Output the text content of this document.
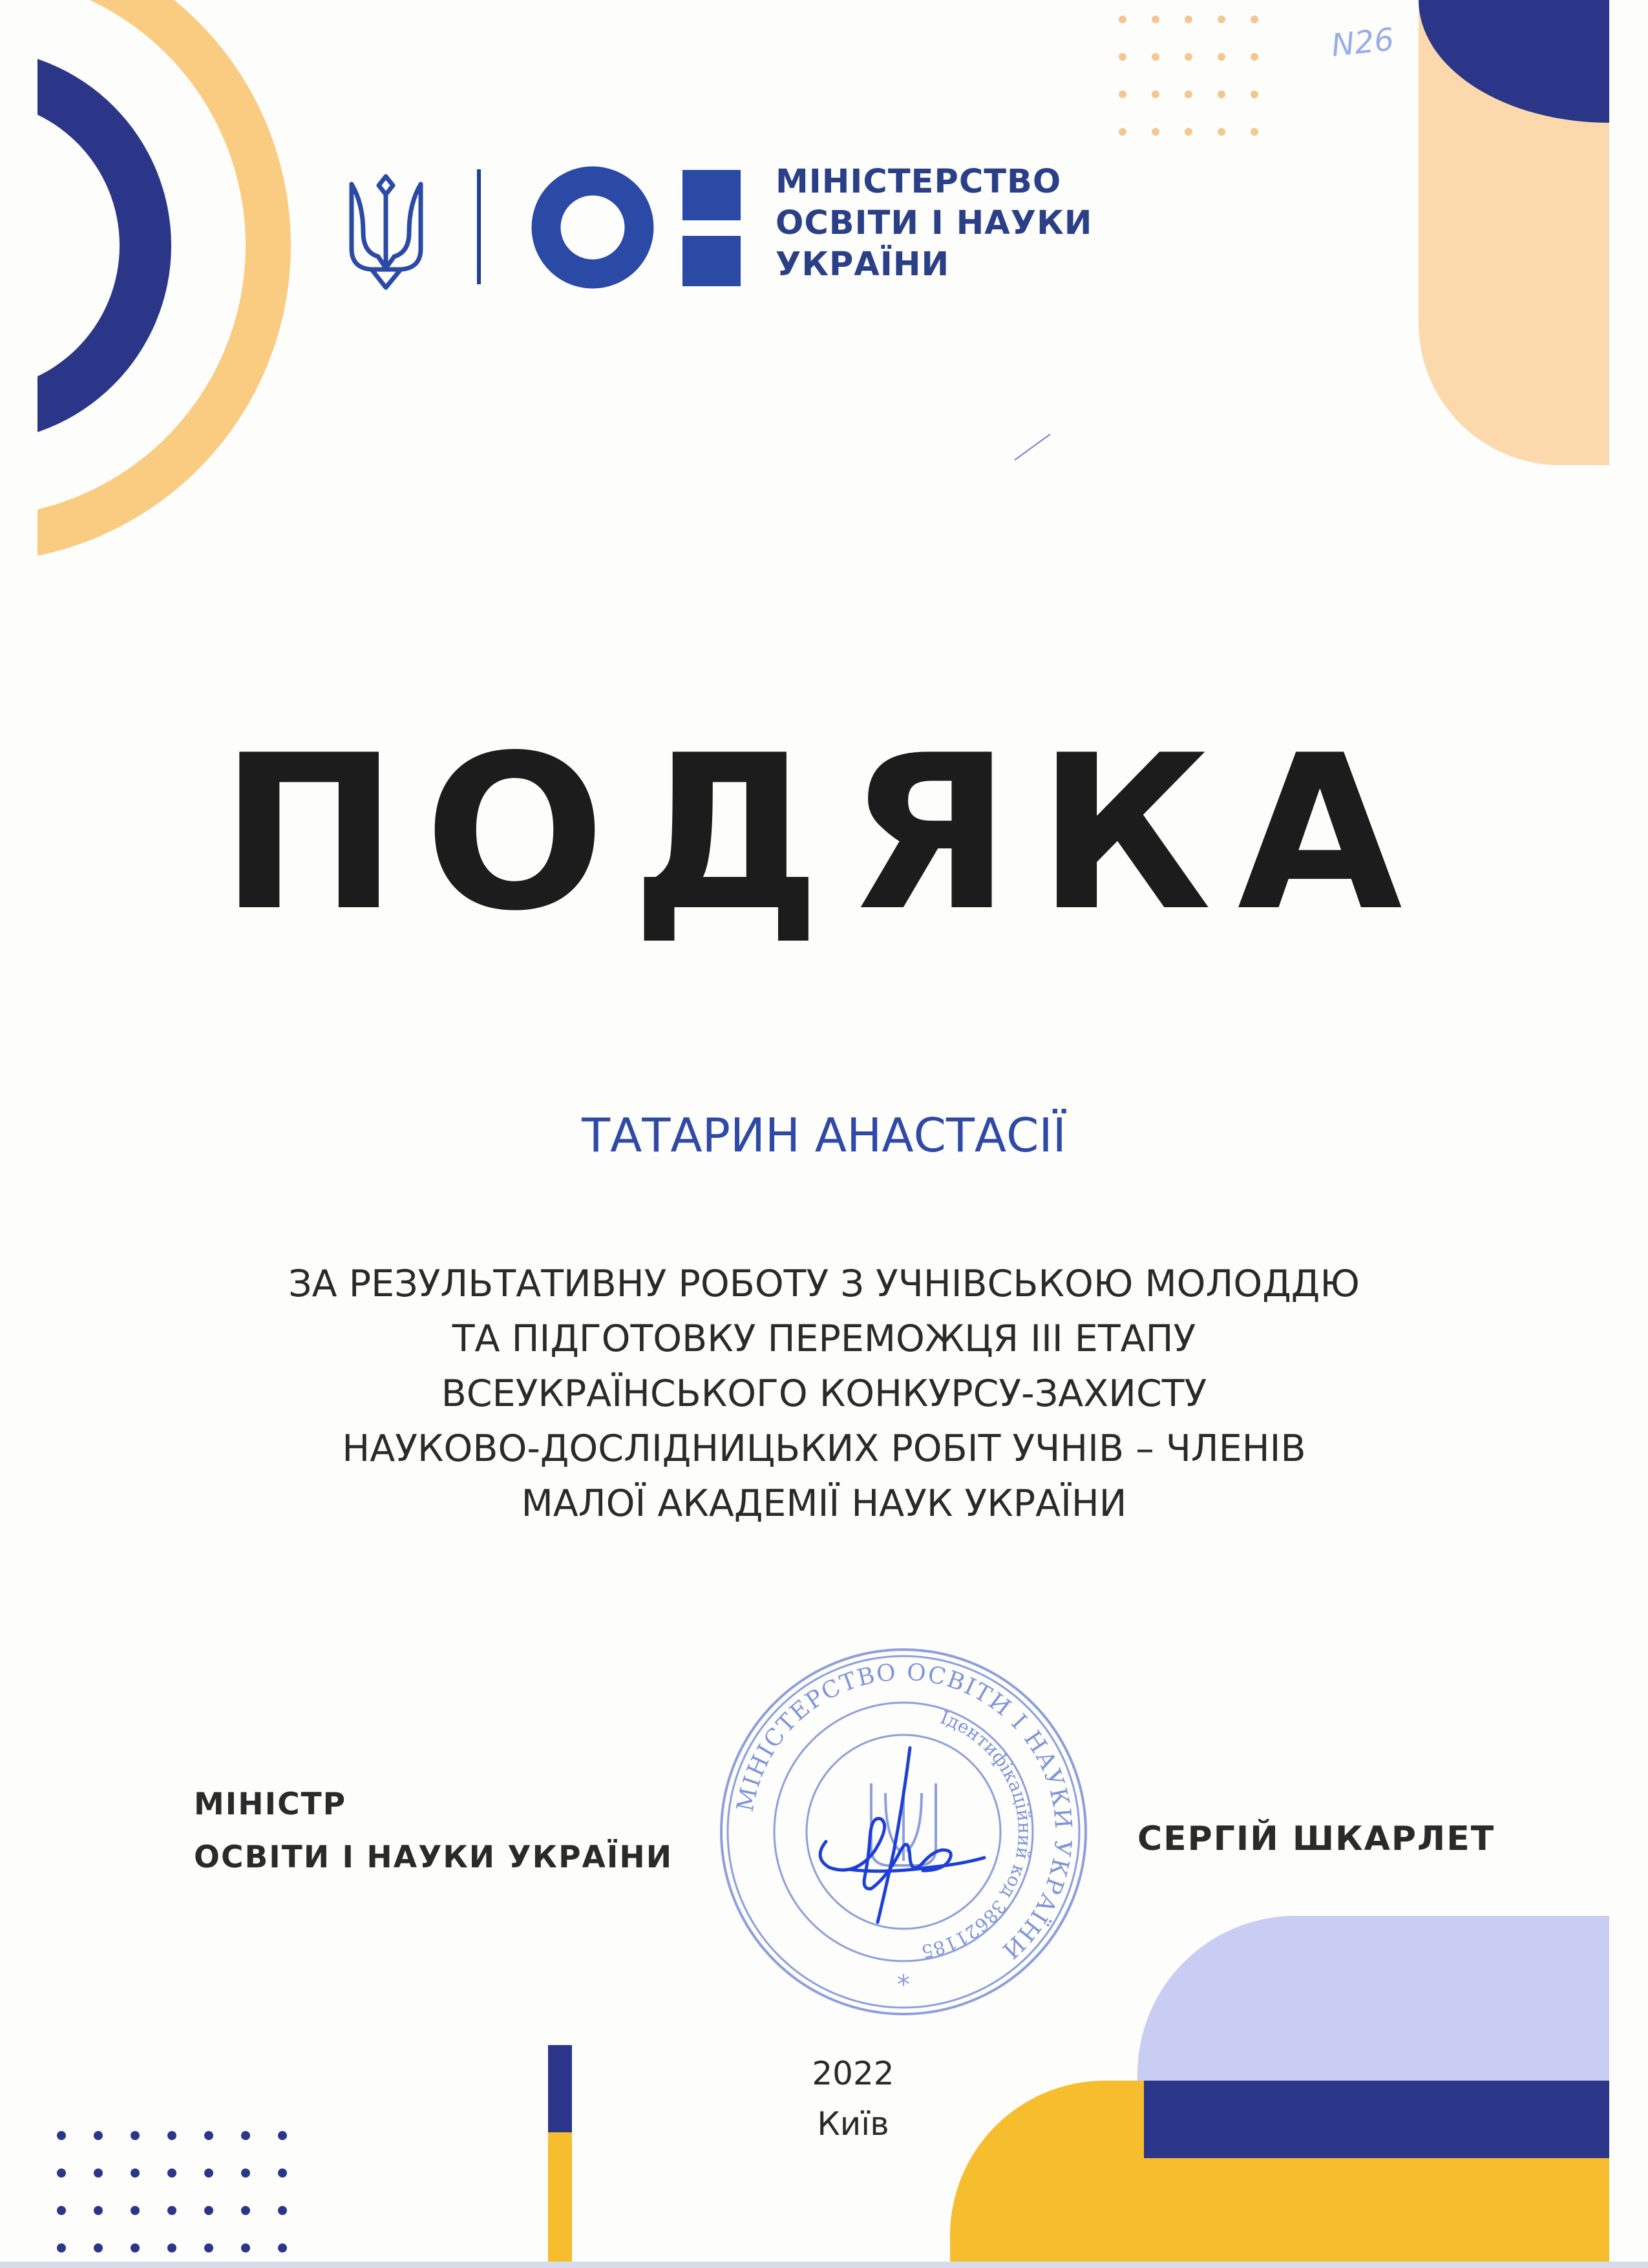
N26
МІНІСТЕРСТВО
ОСВІТИ І НАУКИ
УКРАЇНИ
ПОДЯКА
ТАТАРИН АНАСТАСІЇ
ЗА РЕЗУЛЬТАТИВНУ РОБОТУ З УЧНІВСЬКОЮ МОЛОДДЮ
ТА ПІДГОТОВКУ ПЕРЕМОЖЦЯ ІІІ ЕТАПУ
ВСЕУКРАЇНСЬКОГО КОНКУРСУ-ЗАХИСТУ
НАУКОВО-ДОСЛІДНИЦЬКИХ РОБІТ УЧНІВ – ЧЛЕНІВ
МАЛОЇ АКАДЕМІЇ НАУК УКРАЇНИ
МІНІСТР
ОСВІТИ І НАУКИ УКРАЇНИ
МІНІСТЕРСТВО ОСВІТИ І НАУКИ УКРАЇНИ
Ідентифікаційний код 38621185
*
СЕРГІЙ ШКАРЛЕТ
2022
Київ
